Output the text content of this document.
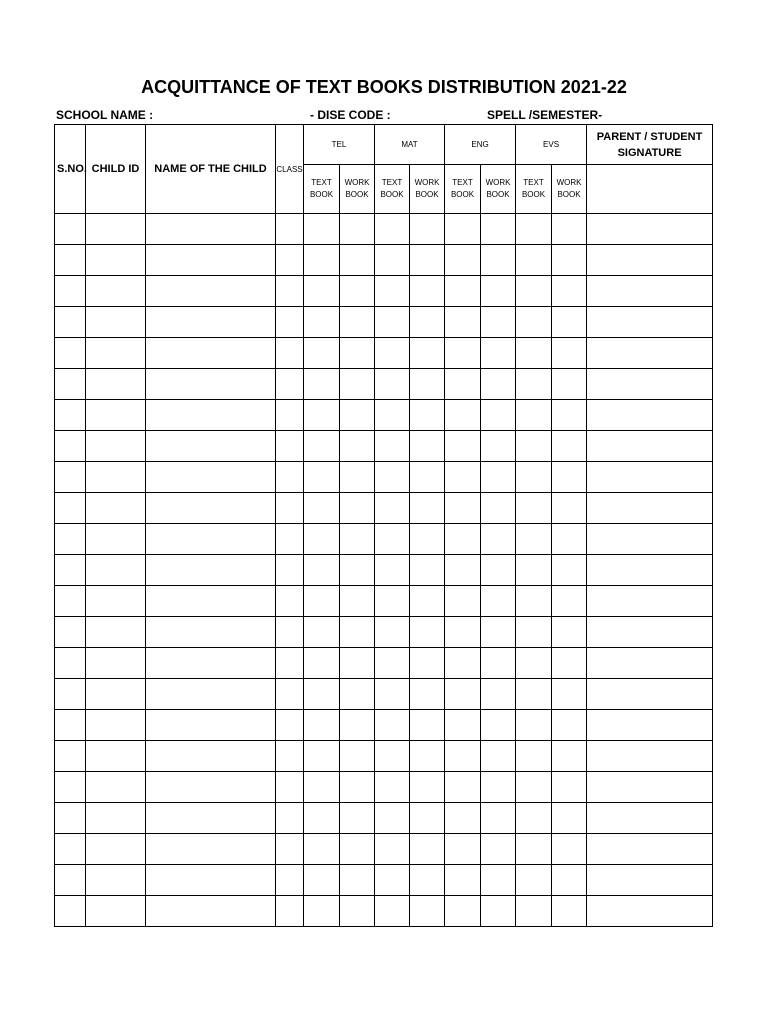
ACQUITTANCE OF TEXT BOOKS DISTRIBUTION 2021-22
SCHOOL NAME :	- DISE CODE :	SPELL /SEMESTER-
S.NO.	CHILD ID	NAME OF THE CHILD	CLASS	TEL		MAT		ENG		EVS		PARENT / STUDENT SIGNATURE
				TEXT BOOK	WORK BOOK	TEXT BOOK	WORK BOOK	TEXT BOOK	WORK BOOK	TEXT BOOK	WORK BOOK	
